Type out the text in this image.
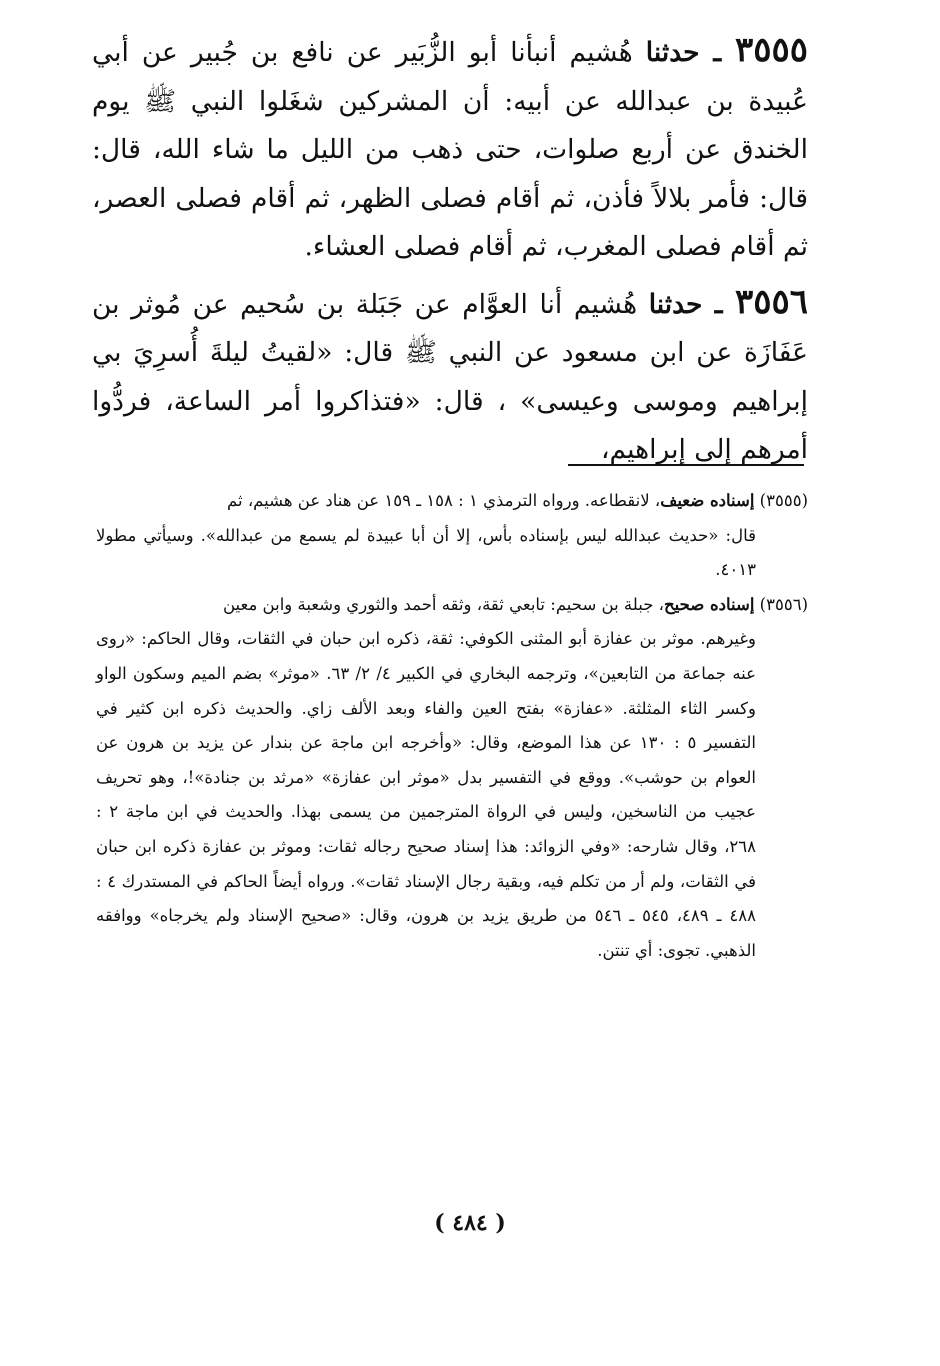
٣٥٥٥ ـ حدثنا هُشيم أنبأنا أبو الزُّبَير عن نافع بن جُبير عن أبي عُبيدة بن عبدالله عن أبيه: أن المشركين شغَلوا النبي ﷺ يوم الخندق عن أربع صلوات، حتى ذهب من الليل ما شاء الله، قال: قال: فأمر بلالاً فأذن، ثم أقام فصلى الظهر، ثم أقام فصلى العصر، ثم أقام فصلى المغرب، ثم أقام فصلى العشاء.

٣٥٥٦ ـ حدثنا هُشيم أنا العوَّام عن جَبَلة بن سُحيم عن مُوثر بن عَفَازَة عن ابن مسعود عن النبي ﷺ قال: «لقيتُ ليلةَ أُسرِيَ بي إبراهيم وموسى وعيسى» ، قال: «فتذاكروا أمر الساعة، فردُّوا أمرهم إلى إبراهيم،

(٣٥٥٥) إسناده ضعيف، لانقطاعه. ورواه الترمذي ١ : ١٥٨ ـ ١٥٩ عن هناد عن هشيم، ثم
قال: «حديث عبدالله ليس بإسناده بأس، إلا أن أبا عبيدة لم يسمع من عبدالله». وسيأتي مطولا ٤٠١٣.
(٣٥٥٦) إسناده صحيح، جبلة بن سحيم: تابعي ثقة، وثقه أحمد والثوري وشعبة وابن معين
وغيرهم. موثر بن عفازة أبو المثنى الكوفي: ثقة، ذكره ابن حبان في الثقات، وقال الحاكم: «روى عنه جماعة من التابعين»، وترجمه البخاري في الكبير ٤/ ٢/ ٦٣. «موثر» بضم الميم وسكون الواو وكسر الثاء المثلثة. «عفازة» بفتح العين والفاء وبعد الألف زاي. والحديث ذكره ابن كثير في التفسير ٥ : ١٣٠ عن هذا الموضع، وقال: «وأخرجه ابن ماجة عن بندار عن يزيد بن هرون عن العوام بن حوشب». ووقع في التفسير بدل «موثر ابن عفازة» «مرثد بن جنادة»!، وهو تحريف عجيب من الناسخين، وليس في الرواة المترجمين من يسمى بهذا. والحديث في ابن ماجة ٢ : ٢٦٨، وقال شارحه: «وفي الزوائد: هذا إسناد صحيح رجاله ثقات: وموثر بن عفازة ذكره ابن حبان في الثقات، ولم أر من تكلم فيه، وبقية رجال الإسناد ثقات». ورواه أيضاً الحاكم في المستدرك ٤ : ٤٨٨ ـ ٤٨٩، ٥٤٥ ـ ٥٤٦ من طريق يزيد بن هرون، وقال: «صحيح الإسناد ولم يخرجاه» ووافقه الذهبي. تجوى: أي تنتن.
( ٤٨٤ )
